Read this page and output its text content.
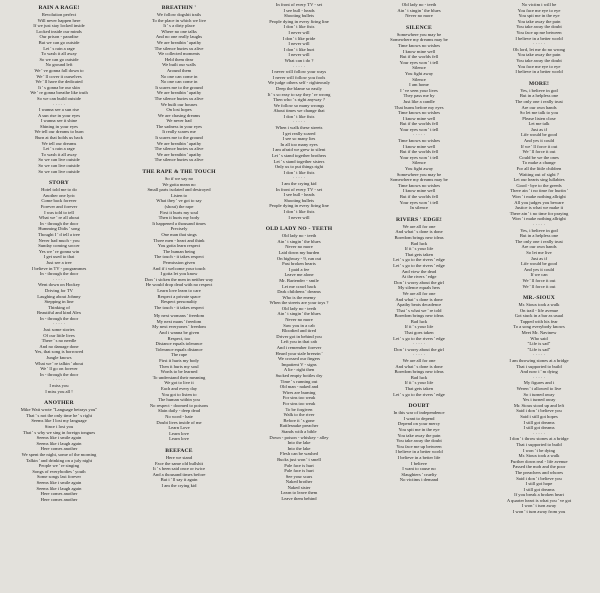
RAIN A RAGE!
Revolution perfect
Will never happen here
If we just stay locked inside
Locked inside our minds
Our prison - paradise
But we can go outside
Let ' s rain a rage
To wash it all away
So we can go outside
No ground left
We ' ve gonna fall down to
We ' ll cover it ourselves
We ' ll have the dedicated
It ' s gonna be our skin
We ' re gonna breathe like truth
So we can build outside
· · · · ·
I wanna see a sun rise
A sun rise in your eyes
I wanna see it shine
Shining in your eyes
We tell our dreams to burn
Burn at that holds us back
We tell our dreams
Let ' s rain a rage
To wash it all away
So we can live outside
So we can live outside
So we can live outside
STORY
Hotel told me to do
Another one lyric
Come back forever
Forever and forever
I was told to tell
What we ' re all about
In - through the door
Humming Didis ' song
Thought I ' d tell a tree
Never had much - you
Sunday coming soccer
Yes we ' re gonna win
I get used to that
Just see a tree
I believe in TV - programmes
In - through the door
· · · · ·
Went down on Hockey
Driving for TV
Laughing about Johnny
Stepping in line
Thinking of
Beautiful and kind Alex
In - through the door
· · · · ·
Just some stories
Of our little lives
There ' s no needle
And no damage done
Yes, that song is borrowed
Jungle knows
What we ' re talkin ' about
We ' ll go on forever
In - through the door
· · · · ·
I miss you
I miss you all !
ANOTHER
Mike Watt wrote "Language betrays you"
That ' s not the only time he ' s right
Seems like I lost my language
Since i lost you
That ' s why we sing in foreign tongues
Seems like i smile again
Seems like i laugh again
Here comes another
We spent the night, some of the morning
Talkin ' and drinking on a july night
People we ' re singing
Songs of everybodies ' youth
Some songs last forever
Seems like i smile again
Seems like i laugh again
Here comes another
Here comes another
BREATHIN '
We follow dogshit trails
To the place in which we live
It ' s a dirty place
Where no one talks
And no one really laughs
We are breathin ' apathy
The silence buries us alive
We collected moments
Held them dear
We built our walls
Around them
No one can come in
No one can come in
It scares me to the ground
We are breathin ' apathy
The silence buries us alive
We built our houses
On lost hopes
We are chasing dreams
We never had
The sadness in your eyes
It really scares me
It scares me to the ground
We are breathin ' apathy
The silence buries us alive
We are breathin ' apathy
The silence buries us alive
THE RAPE & THE TOUCH
So if we say no
We gotta mean no
Small parts isolated and destroyed
Listen to
What they ' ve got to say
(shout) the rape
First it hurts my soul
Then it hurts my body
It happened a thousand times
Precisely
One man that sings
Three men - heart and think
You gotta learn respect
The human being
The touch - it takes respect
Permission given
And if i welcome your touch
I gotta let you know
Don ' t sicken the men in neither way
He would drop dead with no respect
Learn love learn to care
Respect a private space
Respect personality
The touch - it takes respect
My next womans ' freedom
My next mans ' freedom
My next everyones ' freedom
And i wanna be given
Respect, too
Distance equals tolerance
Tolerance equals distance
The rape
First it hurts my body
Then it hurts my soul
Words to be learned
To understand their meaning
We got to live it
Each and every day
You got to listen to
The human within you
No respect - doomed to poisons
Slain daily - deep dead
No word - hate
Doubt lives inside of me
Learn Love
Learn love
Learn love
BEEFACE
Here we stand
Face the same old bullshit
It ' s been said once or twice
And a thousand times before
But i ' ll say it again
I am the crying kid
In front of every TV - set
I see bull - heads
Shooting bullets
People dying in every firing line
I don ' t like fists
I never will
I don ' t like pride
I never will
I don ' t like hurt
I never will
What can i do ?
· · · · ·
I never will follow your ways
I never will follow you fools
We judge others self - righteously
Deep the blame so easily
It ' s so easy to say they ' re wrong
Then who ' s right anyway ?
We follow so many wrongs
About times we change that
I don ' t like fists
· · · · ·
When i walk these streets
I get really scared
I see so many lies
In all too many eyes
I am afraid we grew to silent
Let ' s stand together brothers
Let ' s stand together sisters
Only us to put things right
I don ' t like fists
· · · · ·
I am the crying kid
In front of every TV - set
I see bull - heads
Shooting bullets
People dying in every firing line
I don ' t like fists
I never will
OLD LADY NO - TEETH
Old lady no - teeth
Ain ' t singin ' the blues
Never no more
Laid down my burden
On highway - 9, run out
Past broken hearts
I paid a fee
Leave me alone
Mr. Bartender - smile
Let me crawl back
Dark childrens ' dreams
Who is the enemy
When the streets are your toys ?
Old lady no - teeth
Ain ' t singin ' the blues
Never no more
Saw you in a cab
Bloodied and tired
Driver got in behind you
Left you in that cab
And i remember forever
Heard your stale breezin '
We crossed our fingers
Impatient V - signs
A lie - right then
Sucked empty bottles dry
Time ' s running out
Old man - naked and
Wires are burning
For sins too weak
For sins too weak
To be forgiven
Walk to the river
Before it ' s gone
Rattlesnake preacher
Stands with a bible
Down - poison - whiskey - alley
Into the lake
Into the lake
Flesh can be washed
Bucks just won ' t smell
Pale face is hurt
Pale face is hurt
See your scars
Naked brother
Naked sister
Learn to leave them
Leave them behind
Old lady no - teeth
Ain ' t singin ' the blues
Never no more
SILENCE
Somewhere you may be
Somewhere my dreams may be
Time knows no wishes
I know mine well
But if the worlds fell
Your eyes won ' t tell
Silence
You fight away
Silence
I am home
I ' ve seen your lives
They pass me by
Just like a candle
That burns before my eyes
Time knows no wishes
I know mine well
But if the worlds fell
Your eyes won ' t tell
· · · · ·
Time knows no wishes
I know mine well
But if the worlds fell
Your eyes won ' t tell
Silence
You fight away
Somewhere you may be
Somewhere my dreams may be
Time knows no wishes
I know mine well
But if the worlds fell
Your eyes won ' t tell
In silence
RIVERS ' EDGE!
We are all for one
And what ' s done is done
Boredom brings new ideas
Bad luck
If it ' s your life
That gets taken
Let ' s go to the rivers ' edge
Let ' s go to the rivers ' edge
And view the dead
At the rivers ' edge
Don ' t worry about the girl
My silence equals hers
We are all for one
And what ' s done is done
Apathy beats decadence
That ' s what we ' re told
Boredom brings new ideas
Bad luck
If it ' s your life
That goes taken
Let ' s go to the rivers ' edge
· · · · ·
Don ' t worry about the girl
· · · · ·
We are all for one
And what ' s done is done
Boredom brings new ideas
Bad luck
If it ' s your life
That gets taken
Let ' s go to the rivers ' edge
DOUBT
In this war of independence
I want to depend
Depend on your mercy
You spit me in the eye
You take away the pain
You take away the doubt
You face me up between
I believe in a better world
I believe in a better life
I believe
I want to cause no
Slaughters ' cruelty
No victims i demand
No victim i will be
You face me eye to eye
You spit me in the eye
You take away the pain
You take away the doubt
You face up me between
I believe in a better world
· · · · ·
Oh lord, let me do no wrong
You take away the pain
You take away the doubt
You face me eye to eye
I believe in a better world
MORE!
Yes, i believe in god
But in a helpless one
The only one i really trust
Are our own hands
So let me talk to you
Please listen close
Let me talk
Just as if
Life would be good
And yes it could
If we ' ll force it out
We ' ll force it out
Could be we the ones
To make a change
For all the little children
Waiting out of sight ?
Let our hearts sing lullabies
Good - bye to the greeds
There ain ' t no time for hurtin '
Won ' t make nothing allright
All you judges you beware
Justice is what we make it
There ain ' t no time for praying
Won ' t make nothing allright
· · · · ·
Yes, i believe in god
But in a helpless one
The only one i really trust
Are our own hands
So let me live
Just as if
Life would be good
And yes it could
If we can
We ' ll force it out
We ' ll force it out
MR.-SIOUX
Mr. Sioux took a walk
On trail - life avenue
Got stuck in a bar as usual
Tapped with his fear
To a song everybody knows
Meet Mr. Navinew
Who said
"Life is sad"
"Life is sad"
· · · · ·
I am throwing stones at a bridge
That i supported to build
And now i ' m dying
· · · · ·
My figures and i
Weren ' t allowed to live
So i turned away
Yes i turned away
Mr. Sioux stood up and left
Said i don ' t believe you
Said i still got hopes
I still got dreams
I still got dreams
· · · · ·
I don ' t throw stones at a bridge
That i supported to build
I won ' t be dying
Mr. Sioux took a walk
Further down real - life avenue
Passed the mob and the poor
The preachers and whores
Said i don ' t believe you
I still got hope
I still got dreams
If you break a broken heart
A quarter heart is what you ' ve got
I won ' t turn away
I won ' t turn away from you
